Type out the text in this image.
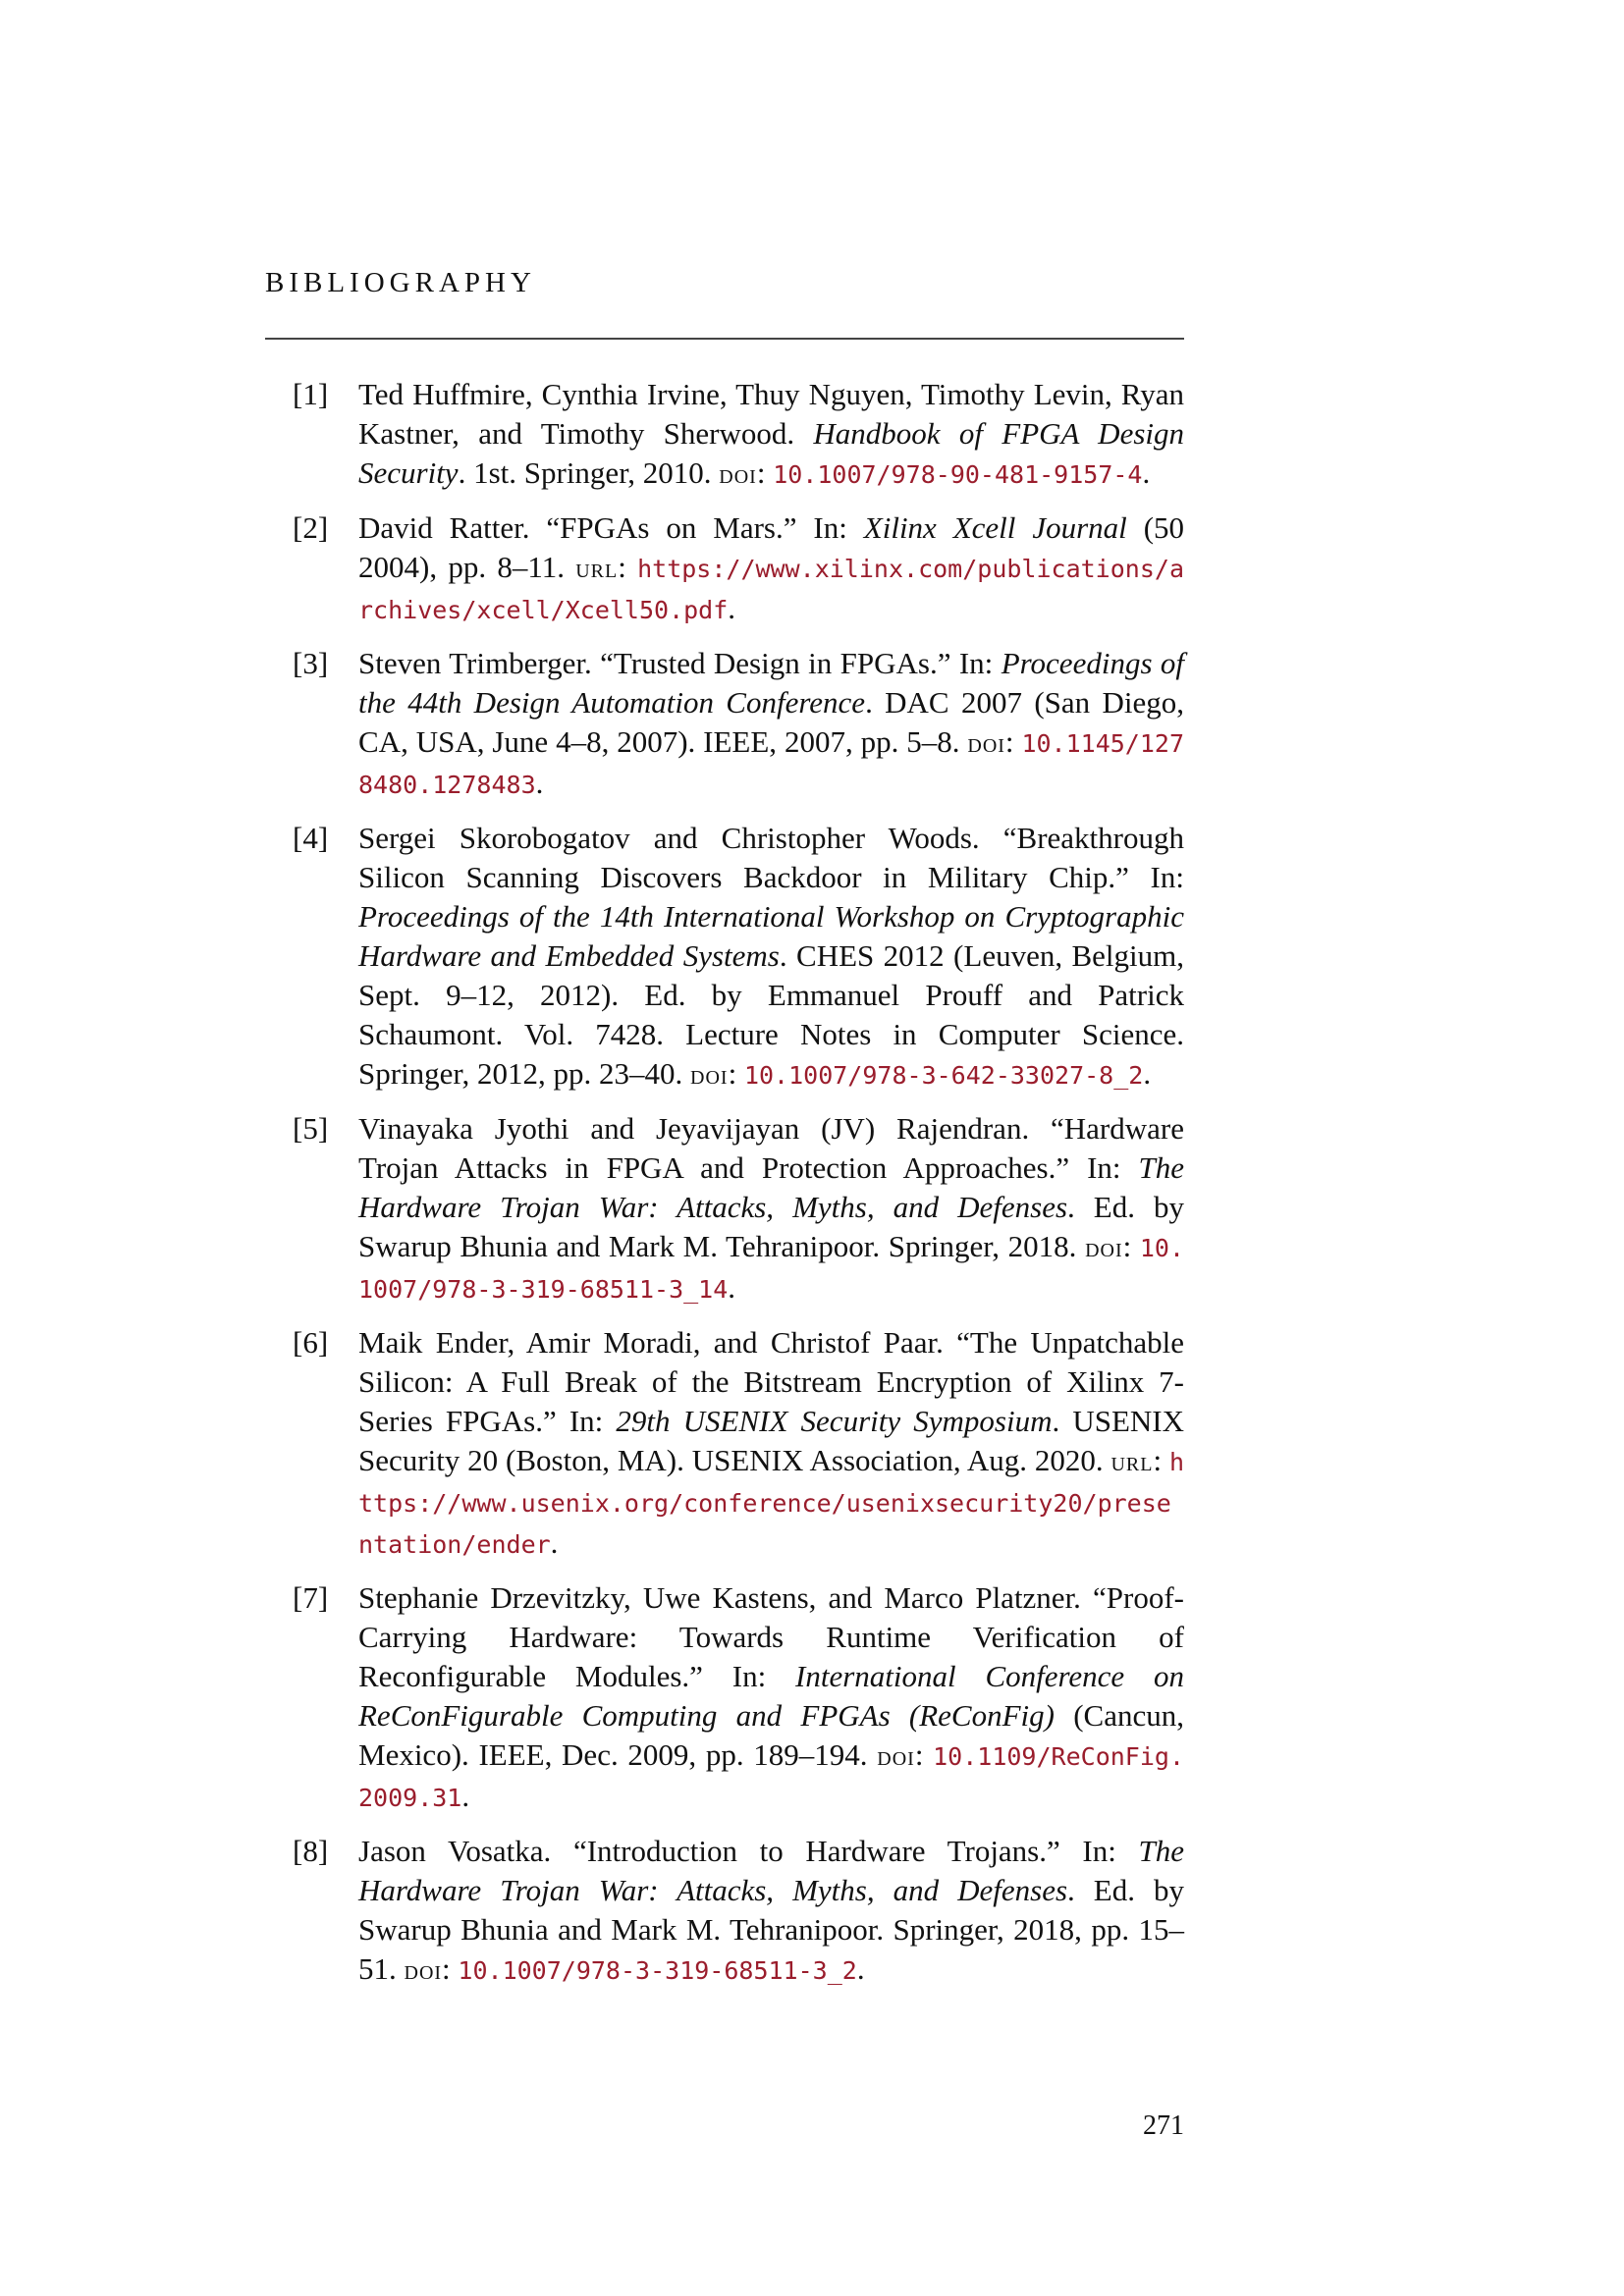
BIBLIOGRAPHY
[1] Ted Huffmire, Cynthia Irvine, Thuy Nguyen, Timothy Levin, Ryan Kastner, and Timothy Sherwood. Handbook of FPGA Design Security. 1st. Springer, 2010. doi: 10.1007/978-90-481-9157-4.
[2] David Ratter. “FPGAs on Mars.” In: Xilinx Xcell Journal (50 2004), pp. 8–11. url: https://www.xilinx.com/publications/archives/xcell/Xcell50.pdf.
[3] Steven Trimberger. “Trusted Design in FPGAs.” In: Proceedings of the 44th Design Automation Conference. DAC 2007 (San Diego, CA, USA, June 4–8, 2007). IEEE, 2007, pp. 5–8. doi: 10.1145/1278480.1278483.
[4] Sergei Skorobogatov and Christopher Woods. “Breakthrough Silicon Scanning Discovers Backdoor in Military Chip.” In: Proceedings of the 14th International Workshop on Cryptographic Hardware and Embedded Systems. CHES 2012 (Leuven, Belgium, Sept. 9–12, 2012). Ed. by Emmanuel Prouff and Patrick Schaumont. Vol. 7428. Lecture Notes in Computer Science. Springer, 2012, pp. 23–40. doi: 10.1007/978-3-642-33027-8_2.
[5] Vinayaka Jyothi and Jeyavijayan (JV) Rajendran. “Hardware Trojan Attacks in FPGA and Protection Approaches.” In: The Hardware Trojan War: Attacks, Myths, and Defenses. Ed. by Swarup Bhunia and Mark M. Tehranipoor. Springer, 2018. doi: 10.1007/978-3-319-68511-3_14.
[6] Maik Ender, Amir Moradi, and Christof Paar. “The Unpatchable Silicon: A Full Break of the Bitstream Encryption of Xilinx 7-Series FPGAs.” In: 29th USENIX Security Symposium. USENIX Security 20 (Boston, MA). USENIX Association, Aug. 2020. url: https://www.usenix.org/conference/usenixsecurity20/presentation/ender.
[7] Stephanie Drzevitzky, Uwe Kastens, and Marco Platzner. “Proof-Carrying Hardware: Towards Runtime Verification of Reconfigurable Modules.” In: International Conference on ReConFigurable Computing and FPGAs (ReConFig) (Cancun, Mexico). IEEE, Dec. 2009, pp. 189–194. doi: 10.1109/ReConFig.2009.31.
[8] Jason Vosatka. “Introduction to Hardware Trojans.” In: The Hardware Trojan War: Attacks, Myths, and Defenses. Ed. by Swarup Bhunia and Mark M. Tehranipoor. Springer, 2018, pp. 15–51. doi: 10.1007/978-3-319-68511-3_2.
271
